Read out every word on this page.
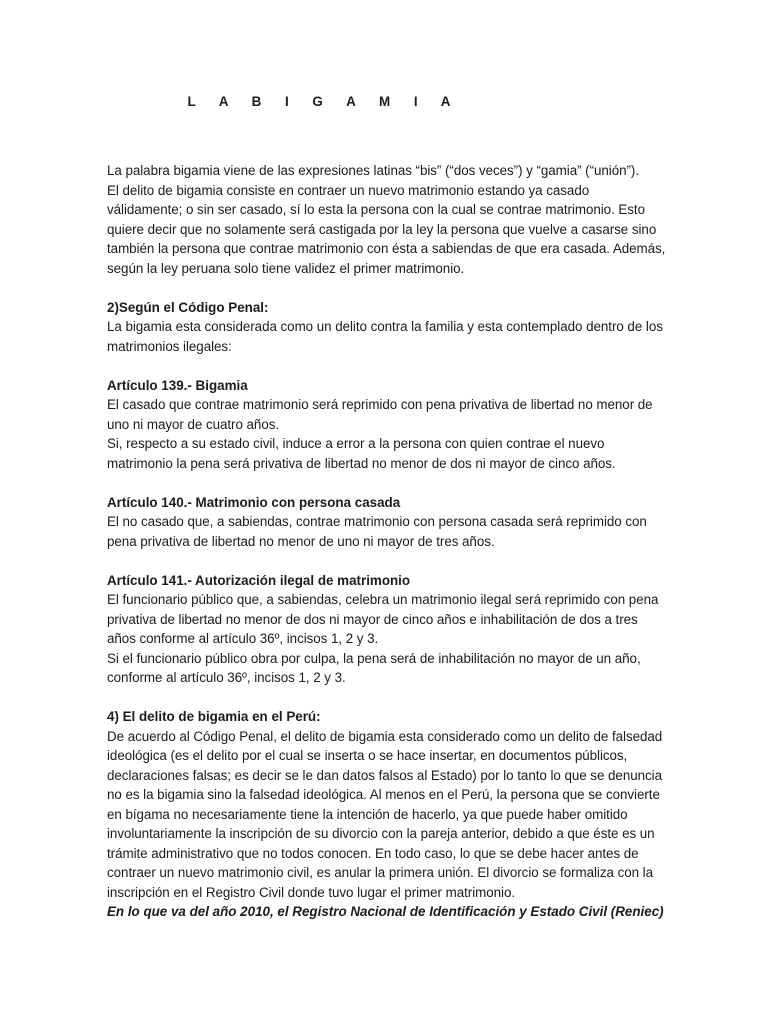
L A B I G A M I A

La palabra bigamia viene de las expresiones latinas “bis” (“dos veces”) y “gamia” (“unión”).

El delito de bigamia consiste en contraer un nuevo matrimonio estando ya casado

válidamente; o sin ser casado, sí lo esta la persona con la cual se contrae matrimonio. Esto

quiere decir que no solamente será castigada por la ley la persona que vuelve a casarse sino

también la persona que contrae matrimonio con ésta a sabiendas de que era casada. Además,

según la ley peruana solo tiene validez el primer matrimonio.

2)Según el Código Penal:

La bigamia esta considerada como un delito contra la familia y esta contemplado dentro de los

matrimonios ilegales:

Artículo 139.- Bigamia

El casado que contrae matrimonio será reprimido con pena privativa de libertad no menor de

uno ni mayor de cuatro años.

Si, respecto a su estado civil, induce a error a la persona con quien contrae el nuevo

matrimonio la pena será privativa de libertad no menor de dos ni mayor de cinco años.

Artículo 140.- Matrimonio con persona casada

El no casado que, a sabiendas, contrae matrimonio con persona casada será reprimido con

pena privativa de libertad no menor de uno ni mayor de tres años.

Artículo 141.- Autorización ilegal de matrimonio

El funcionario público que, a sabiendas, celebra un matrimonio ilegal será reprimido con pena

privativa de libertad no menor de dos ni mayor de cinco años e inhabilitación de dos a tres

años conforme al artículo 36º, incisos 1, 2 y 3.

Si el funcionario público obra por culpa, la pena será de inhabilitación no mayor de un año,

conforme al artículo 36º, incisos 1, 2 y 3.

4) El delito de bigamia en el Perú:

De acuerdo al Código Penal, el delito de bigamia esta considerado como un delito de falsedad

ideológica (es el delito por el cual se inserta o se hace insertar, en documentos públicos,

declaraciones falsas; es decir se le dan datos falsos al Estado) por lo tanto lo que se denuncia

no es la bigamia sino la falsedad ideológica. Al menos en el Perú, la persona que se convierte

en bígama no necesariamente tiene la intención de hacerlo, ya que puede haber omitido

involuntariamente la inscripción de su divorcio con la pareja anterior, debido a que éste es un

trámite administrativo que no todos conocen. En todo caso, lo que se debe hacer antes de

contraer un nuevo matrimonio civil, es anular la primera unión. El divorcio se formaliza con la

inscripción en el Registro Civil donde tuvo lugar el primer matrimonio.

En lo que va del año 2010, el Registro Nacional de Identificación y Estado Civil (Reniec)
